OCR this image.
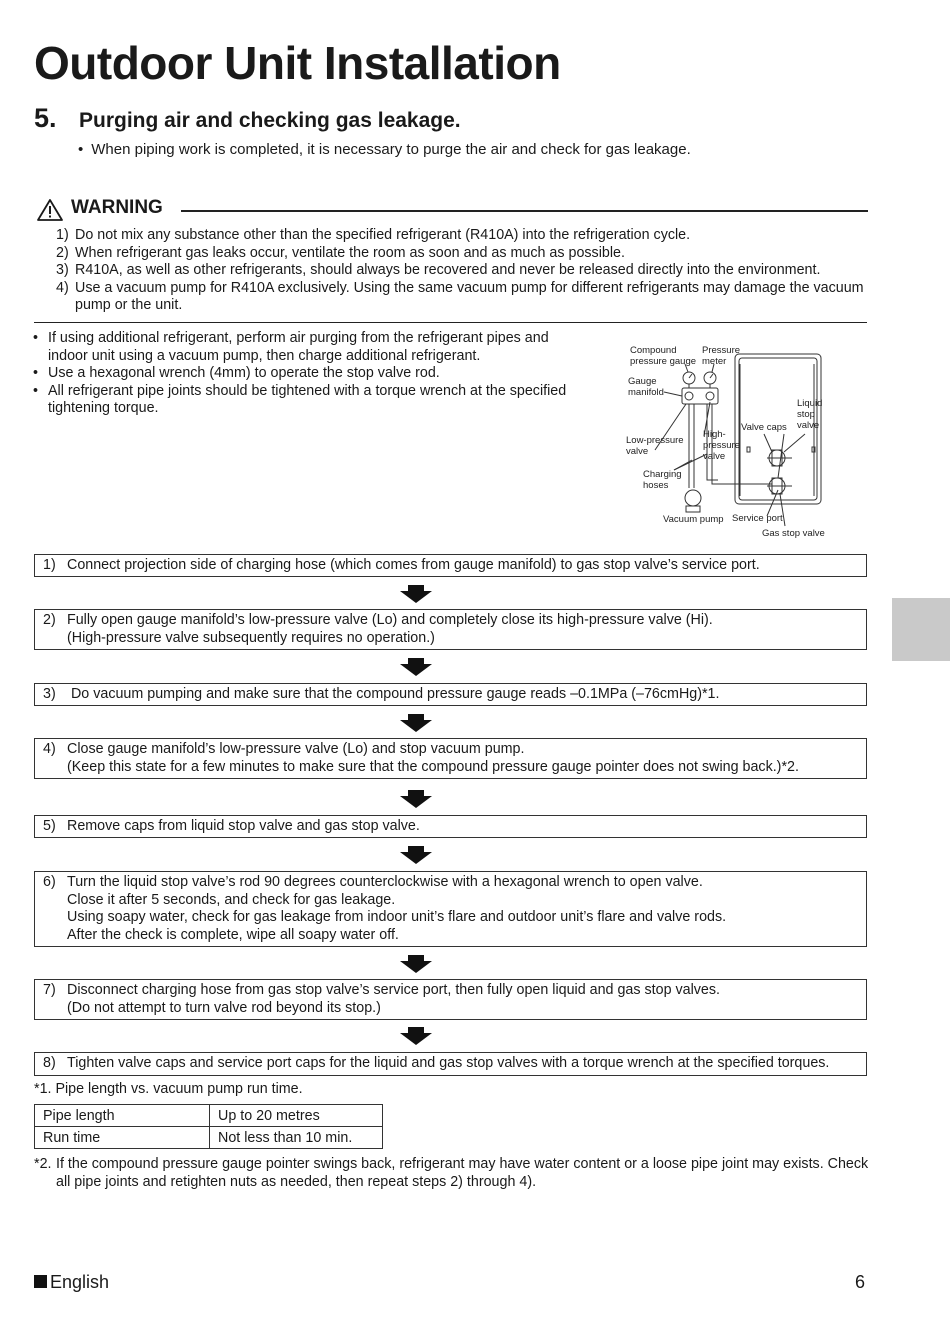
Outdoor Unit Installation
5. Purging air and checking gas leakage.
• When piping work is completed, it is necessary to purge the air and check for gas leakage.
WARNING
1) Do not mix any substance other than the specified refrigerant (R410A) into the refrigeration cycle.
2) When refrigerant gas leaks occur, ventilate the room as soon and as much as possible.
3) R410A, as well as other refrigerants, should always be recovered and never be released directly into the environment.
4) Use a vacuum pump for R410A exclusively. Using the same vacuum pump for different refrigerants may damage the vacuum pump or the unit.
• If using additional refrigerant, perform air purging from the refrigerant pipes and indoor unit using a vacuum pump, then charge additional refrigerant.
• Use a hexagonal wrench (4mm) to operate the stop valve rod.
• All refrigerant pipe joints should be tightened with a torque wrench at the specified tightening torque.
Compound
pressure gauge
Pressure
meter
Gauge
manifold
Low-pressure
valve
High-
pressure
valve
Charging
hoses
Vacuum pump
Valve caps
Liquid
stop
valve
Service port
Gas stop valve
1) Connect projection side of charging hose (which comes from gauge manifold) to gas stop valve’s service port.
2) Fully open gauge manifold’s low-pressure valve (Lo) and completely close its high-pressure valve (Hi).
(High-pressure valve subsequently requires no operation.)
3) Do vacuum pumping and make sure that the compound pressure gauge reads –0.1MPa (–76cmHg)*1.
4) Close gauge manifold’s low-pressure valve (Lo) and stop vacuum pump.
(Keep this state for a few minutes to make sure that the compound pressure gauge pointer does not swing back.)*2.
5) Remove caps from liquid stop valve and gas stop valve.
6) Turn the liquid stop valve’s rod 90 degrees counterclockwise with a hexagonal wrench to open valve.
Close it after 5 seconds, and check for gas leakage.
Using soapy water, check for gas leakage from indoor unit’s flare and outdoor unit’s flare and valve rods.
After the check is complete, wipe all soapy water off.
7) Disconnect charging hose from gas stop valve’s service port, then fully open liquid and gas stop valves.
(Do not attempt to turn valve rod beyond its stop.)
8) Tighten valve caps and service port caps for the liquid and gas stop valves with a torque wrench at the specified torques.
*1. Pipe length vs. vacuum pump run time.
Pipe length	Up to 20 metres
Run time	Not less than 10 min.
*2. If the compound pressure gauge pointer swings back, refrigerant may have water content or a loose pipe joint may exists. Check all pipe joints and retighten nuts as needed, then repeat steps 2) through 4).
English	6
